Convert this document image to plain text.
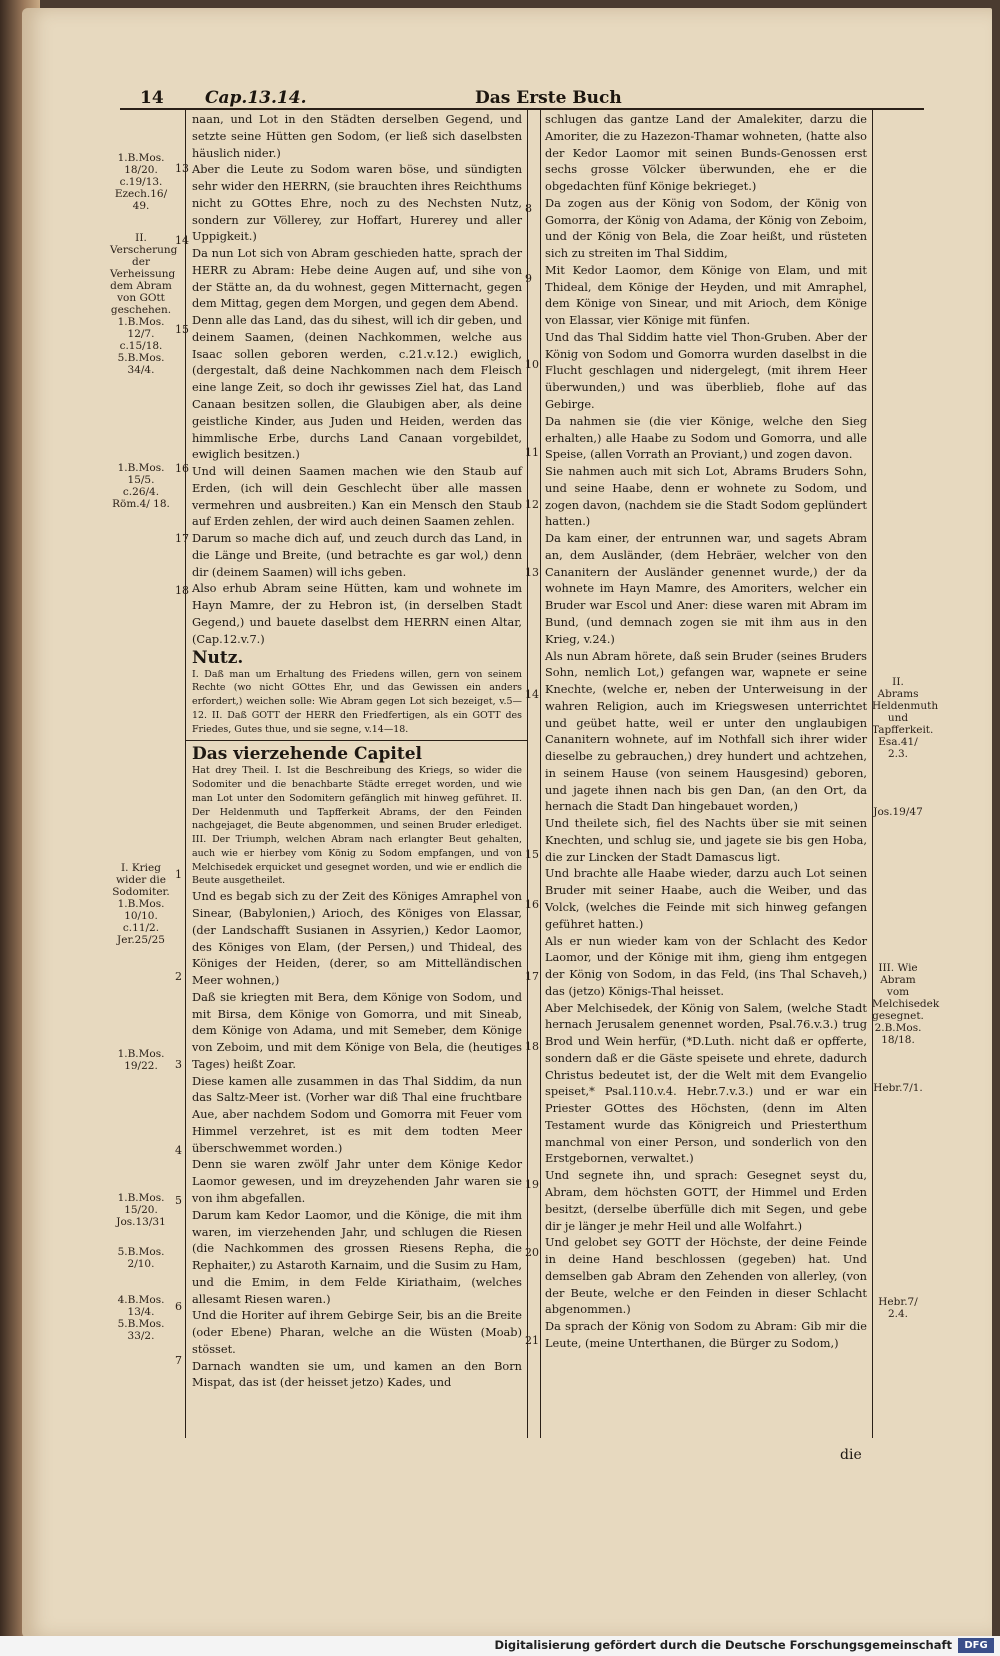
14 Cap.13.14.	Das Erste Buch
1.B.Mos. 18/20. c.19/13. Ezech.16/ 49.
II. Verscherung der Verheissung dem Abram von GOtt geschehen. 1.B.Mos. 12/7. c.15/18. 5.B.Mos. 34/4.
1.B.Mos. 15/5. c.26/4. Röm.4/ 18.
I. Krieg wider die Sodomiter. 1.B.Mos. 10/10. c.11/2. Jer.25/25
1.B.Mos. 19/22.
1.B.Mos. 15/20. Jos.13/31
5.B.Mos. 2/10.
4.B.Mos. 13/4. 5.B.Mos. 33/2.
II. Abrams Heldenmuth und Tapfferkeit. Esa.41/ 2.3.
Jos.19/47
III. Wie Abram vom Melchisedek gesegnet. 2.B.Mos. 18/18.
Hebr.7/1.
Hebr.7/ 2.4.
13
14
15
16
17
18
1
2
3
4
5
6
7
8
9
10
11
12
13
14
15
16
17
18
19
20
21

naan, und Lot in den Städten derselben Gegend, und setzte seine Hütten gen Sodom, (er ließ sich daselbsten häuslich nider.)

Aber die Leute zu Sodom waren böse, und sündigten sehr wider den HERRN, (sie brauchten ihres Reichthums nicht zu GOttes Ehre, noch zu des Nechsten Nutz, sondern zur Völlerey, zur Hoffart, Hurerey und aller Uppigkeit.)

Da nun Lot sich von Abram geschieden hatte, sprach der HERR zu Abram: Hebe deine Augen auf, und sihe von der Stätte an, da du wohnest, gegen Mitternacht, gegen dem Mittag, gegen dem Morgen, und gegen dem Abend.

Denn alle das Land, das du sihest, will ich dir geben, und deinem Saamen, (deinen Nachkommen, welche aus Isaac sollen geboren werden, c.21.v.12.) ewiglich, (dergestalt, daß deine Nachkommen nach dem Fleisch eine lange Zeit, so doch ihr gewisses Ziel hat, das Land Canaan besitzen sollen, die Glaubigen aber, als deine geistliche Kinder, aus Juden und Heiden, werden das himmlische Erbe, durchs Land Canaan vorgebildet, ewiglich besitzen.)

Und will deinen Saamen machen wie den Staub auf Erden, (ich will dein Geschlecht über alle massen vermehren und ausbreiten.) Kan ein Mensch den Staub auf Erden zehlen, der wird auch deinen Saamen zehlen.

Darum so mache dich auf, und zeuch durch das Land, in die Länge und Breite, (und betrachte es gar wol,) denn dir (deinem Saamen) will ichs geben.

Also erhub Abram seine Hütten, kam und wohnete im Hayn Mamre, der zu Hebron ist, (in derselben Stadt Gegend,) und bauete daselbst dem HERRN einen Altar, (Cap.12.v.7.)

Nutz.

I. Daß man um Erhaltung des Friedens willen, gern von seinem Rechte (wo nicht GOttes Ehr, und das Gewissen ein anders erfordert,) weichen solle: Wie Abram gegen Lot sich bezeiget, v.5—12. II. Daß GOTT der HERR den Friedfertigen, als ein GOTT des Friedes, Gutes thue, und sie segne, v.14—18.

Das vierzehende Capitel

Hat drey Theil. I. Ist die Beschreibung des Kriegs, so wider die Sodomiter und die benachbarte Städte erreget worden, und wie man Lot unter den Sodomitern gefänglich mit hinweg geführet. II. Der Heldenmuth und Tapfferkeit Abrams, der den Feinden nachgejaget, die Beute abgenommen, und seinen Bruder erlediget. III. Der Triumph, welchen Abram nach erlangter Beut gehalten, auch wie er hierbey vom König zu Sodom empfangen, und von Melchisedek erquicket und gesegnet worden, und wie er endlich die Beute ausgetheilet.

Und es begab sich zu der Zeit des Königes Amraphel von Sinear, (Babylonien,) Arioch, des Königes von Elassar, (der Landschafft Susianen in Assyrien,) Kedor Laomor, des Königes von Elam, (der Persen,) und Thideal, des Königes der Heiden, (derer, so am Mittelländischen Meer wohnen,)

Daß sie kriegten mit Bera, dem Könige von Sodom, und mit Birsa, dem Könige von Gomorra, und mit Sineab, dem Könige von Adama, und mit Semeber, dem Könige von Zeboim, und mit dem Könige von Bela, die (heutiges Tages) heißt Zoar.

Diese kamen alle zusammen in das Thal Siddim, da nun das Saltz-Meer ist. (Vorher war diß Thal eine fruchtbare Aue, aber nachdem Sodom und Gomorra mit Feuer vom Himmel verzehret, ist es mit dem todten Meer überschwemmet worden.)

Denn sie waren zwölf Jahr unter dem Könige Kedor Laomor gewesen, und im dreyzehenden Jahr waren sie von ihm abgefallen.

Darum kam Kedor Laomor, und die Könige, die mit ihm waren, im vierzehenden Jahr, und schlugen die Riesen (die Nachkommen des grossen Riesens Repha, die Rephaiter,) zu Astaroth Karnaim, und die Susim zu Ham, und die Emim, in dem Felde Kiriathaim, (welches allesamt Riesen waren.)

Und die Horiter auf ihrem Gebirge Seir, bis an die Breite (oder Ebene) Pharan, welche an die Wüsten (Moab) stösset.

Darnach wandten sie um, und kamen an den Born Mispat, das ist (der heisset jetzo) Kades, und

schlugen das gantze Land der Amalekiter, darzu die Amoriter, die zu Hazezon-Thamar wohneten, (hatte also der Kedor Laomor mit seinen Bunds-Genossen erst sechs grosse Völcker überwunden, ehe er die obgedachten fünf Könige bekrieget.)

Da zogen aus der König von Sodom, der König von Gomorra, der König von Adama, der König von Zeboim, und der König von Bela, die Zoar heißt, und rüsteten sich zu streiten im Thal Siddim,

Mit Kedor Laomor, dem Könige von Elam, und mit Thideal, dem Könige der Heyden, und mit Amraphel, dem Könige von Sinear, und mit Arioch, dem Könige von Elassar, vier Könige mit fünfen.

Und das Thal Siddim hatte viel Thon-Gruben. Aber der König von Sodom und Gomorra wurden daselbst in die Flucht geschlagen und nidergelegt, (mit ihrem Heer überwunden,) und was überblieb, flohe auf das Gebirge.

Da nahmen sie (die vier Könige, welche den Sieg erhalten,) alle Haabe zu Sodom und Gomorra, und alle Speise, (allen Vorrath an Proviant,) und zogen davon.

Sie nahmen auch mit sich Lot, Abrams Bruders Sohn, und seine Haabe, denn er wohnete zu Sodom, und zogen davon, (nachdem sie die Stadt Sodom geplündert hatten.)

Da kam einer, der entrunnen war, und sagets Abram an, dem Ausländer, (dem Hebräer, welcher von den Cananitern der Ausländer genennet wurde,) der da wohnete im Hayn Mamre, des Amoriters, welcher ein Bruder war Escol und Aner: diese waren mit Abram im Bund, (und demnach zogen sie mit ihm aus in den Krieg, v.24.)

Als nun Abram hörete, daß sein Bruder (seines Bruders Sohn, nemlich Lot,) gefangen war, wapnete er seine Knechte, (welche er, neben der Unterweisung in der wahren Religion, auch im Kriegswesen unterrichtet und geübet hatte, weil er unter den unglaubigen Cananitern wohnete, auf im Nothfall sich ihrer wider dieselbe zu gebrauchen,) drey hundert und achtzehen, in seinem Hause (von seinem Hausgesind) geboren, und jagete ihnen nach bis gen Dan, (an den Ort, da hernach die Stadt Dan hingebauet worden,)

Und theilete sich, fiel des Nachts über sie mit seinen Knechten, und schlug sie, und jagete sie bis gen Hoba, die zur Lincken der Stadt Damascus ligt.

Und brachte alle Haabe wieder, darzu auch Lot seinen Bruder mit seiner Haabe, auch die Weiber, und das Volck, (welches die Feinde mit sich hinweg gefangen geführet hatten.)

Als er nun wieder kam von der Schlacht des Kedor Laomor, und der Könige mit ihm, gieng ihm entgegen der König von Sodom, in das Feld, (ins Thal Schaveh,) das (jetzo) Königs-Thal heisset.

Aber Melchisedek, der König von Salem, (welche Stadt hernach Jerusalem genennet worden, Psal.76.v.3.) trug Brod und Wein herfür, (*D.Luth. nicht daß er opfferte, sondern daß er die Gäste speisete und ehrete, dadurch Christus bedeutet ist, der die Welt mit dem Evangelio speiset,* Psal.110.v.4. Hebr.7.v.3.) und er war ein Priester GOttes des Höchsten, (denn im Alten Testament wurde das Königreich und Priesterthum manchmal von einer Person, und sonderlich von den Erstgebornen, verwaltet.)

Und segnete ihn, und sprach: Gesegnet seyst du, Abram, dem höchsten GOTT, der Himmel und Erden besitzt, (derselbe überfülle dich mit Segen, und gebe dir je länger je mehr Heil und alle Wolfahrt.)

Und gelobet sey GOTT der Höchste, der deine Feinde in deine Hand beschlossen (gegeben) hat. Und demselben gab Abram den Zehenden von allerley, (von der Beute, welche er den Feinden in dieser Schlacht abgenommen.)

Da sprach der König von Sodom zu Abram: Gib mir die Leute, (meine Unterthanen, die Bürger zu Sodom,)

die
Digitalisierung gefördert durch die Deutsche Forschungsgemeinschaft	DFG
